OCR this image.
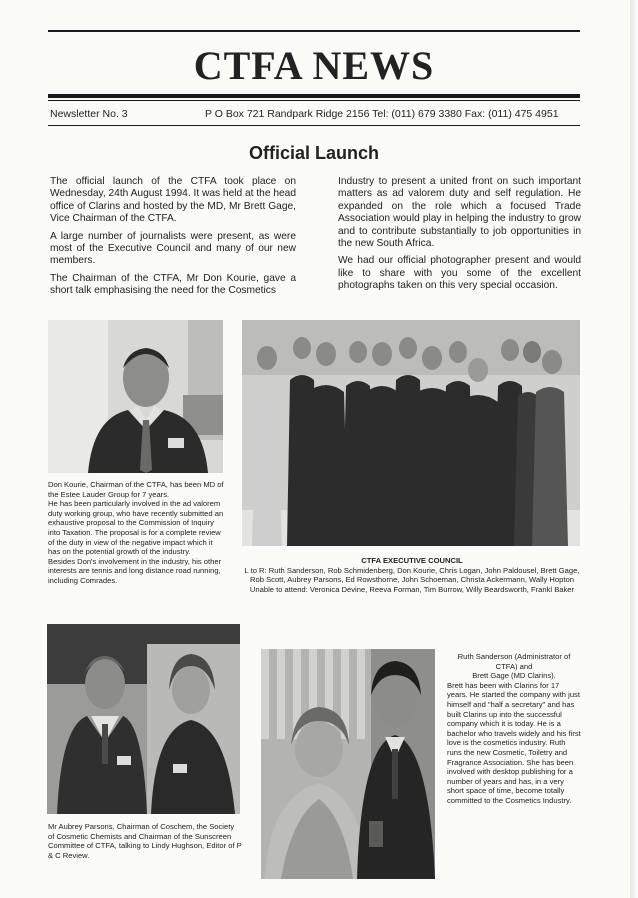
CTFA NEWS
Newsletter No. 3	P O Box 721 Randpark Ridge 2156 Tel: (011) 679 3380 Fax: (011) 475 4951
Official Launch

The official launch of the CTFA took place on Wednesday, 24th August 1994. It was held at the head office of Clarins and hosted by the MD, Mr Brett Gage, Vice Chairman of the CTFA.

A large number of journalists were present, as were most of the Executive Council and many of our new members.

The Chairman of the CTFA, Mr Don Kourie, gave a short talk emphasising the need for the Cosmetics

Industry to present a united front on such important matters as ad valorem duty and self regulation. He expanded on the role which a focused Trade Association would play in helping the industry to grow and to contribute substantially to job opportunities in the new South Africa.

We had our official photographer present and would like to share with you some of the excellent photographs taken on this very special occasion.

Don Kourie, Chairman of the CTFA, has been MD of the Estee Lauder Group for 7 years.

He has been particularly involved in the ad valorem duty working group, who have recently submitted an exhaustive proposal to the Commission of Inquiry into Taxation. The proposal is for a complete review of the duty in view of the negative impact which it has on the potential growth of the industry.

Besides Don's involvement in the industry, his other interests are tennis and long distance road running, including Comrades.

CTFA EXECUTIVE COUNCIL

L to R: Ruth Sanderson, Rob Schmidenberg, Don Kourie, Chris Logan, John Paldousel, Brett Gage, Rob Scott, Aubrey Parsons, Ed Rowsthorne, John Schoeman, Christa Ackermann, Wally Hopton

Unable to attend: Veronica Devine, Reeva Forman, Tim Burrow, Willy Beardsworth, Frankl Baker

Mr Aubrey Parsons, Chairman of Coschem, the Society of Cosmetic Chemists and Chairman of the Sunscreen Committee of CTFA, talking to Lindy Hughson, Editor of P & C Review.

Ruth Sanderson (Administrator of CTFA) and

Brett Gage (MD Clarins).

Brett has been with Clarins for 17 years. He started the company with just himself and "half a secretary" and has built Clarins up into the successful company which it is today. He is a bachelor who travels widely and his first love is the cosmetics industry. Ruth runs the new Cosmetic, Toiletry and Fragrance Association. She has been involved with desktop publishing for a number of years and has, in a very short space of time, become totally committed to the Cosmetics Industry.
